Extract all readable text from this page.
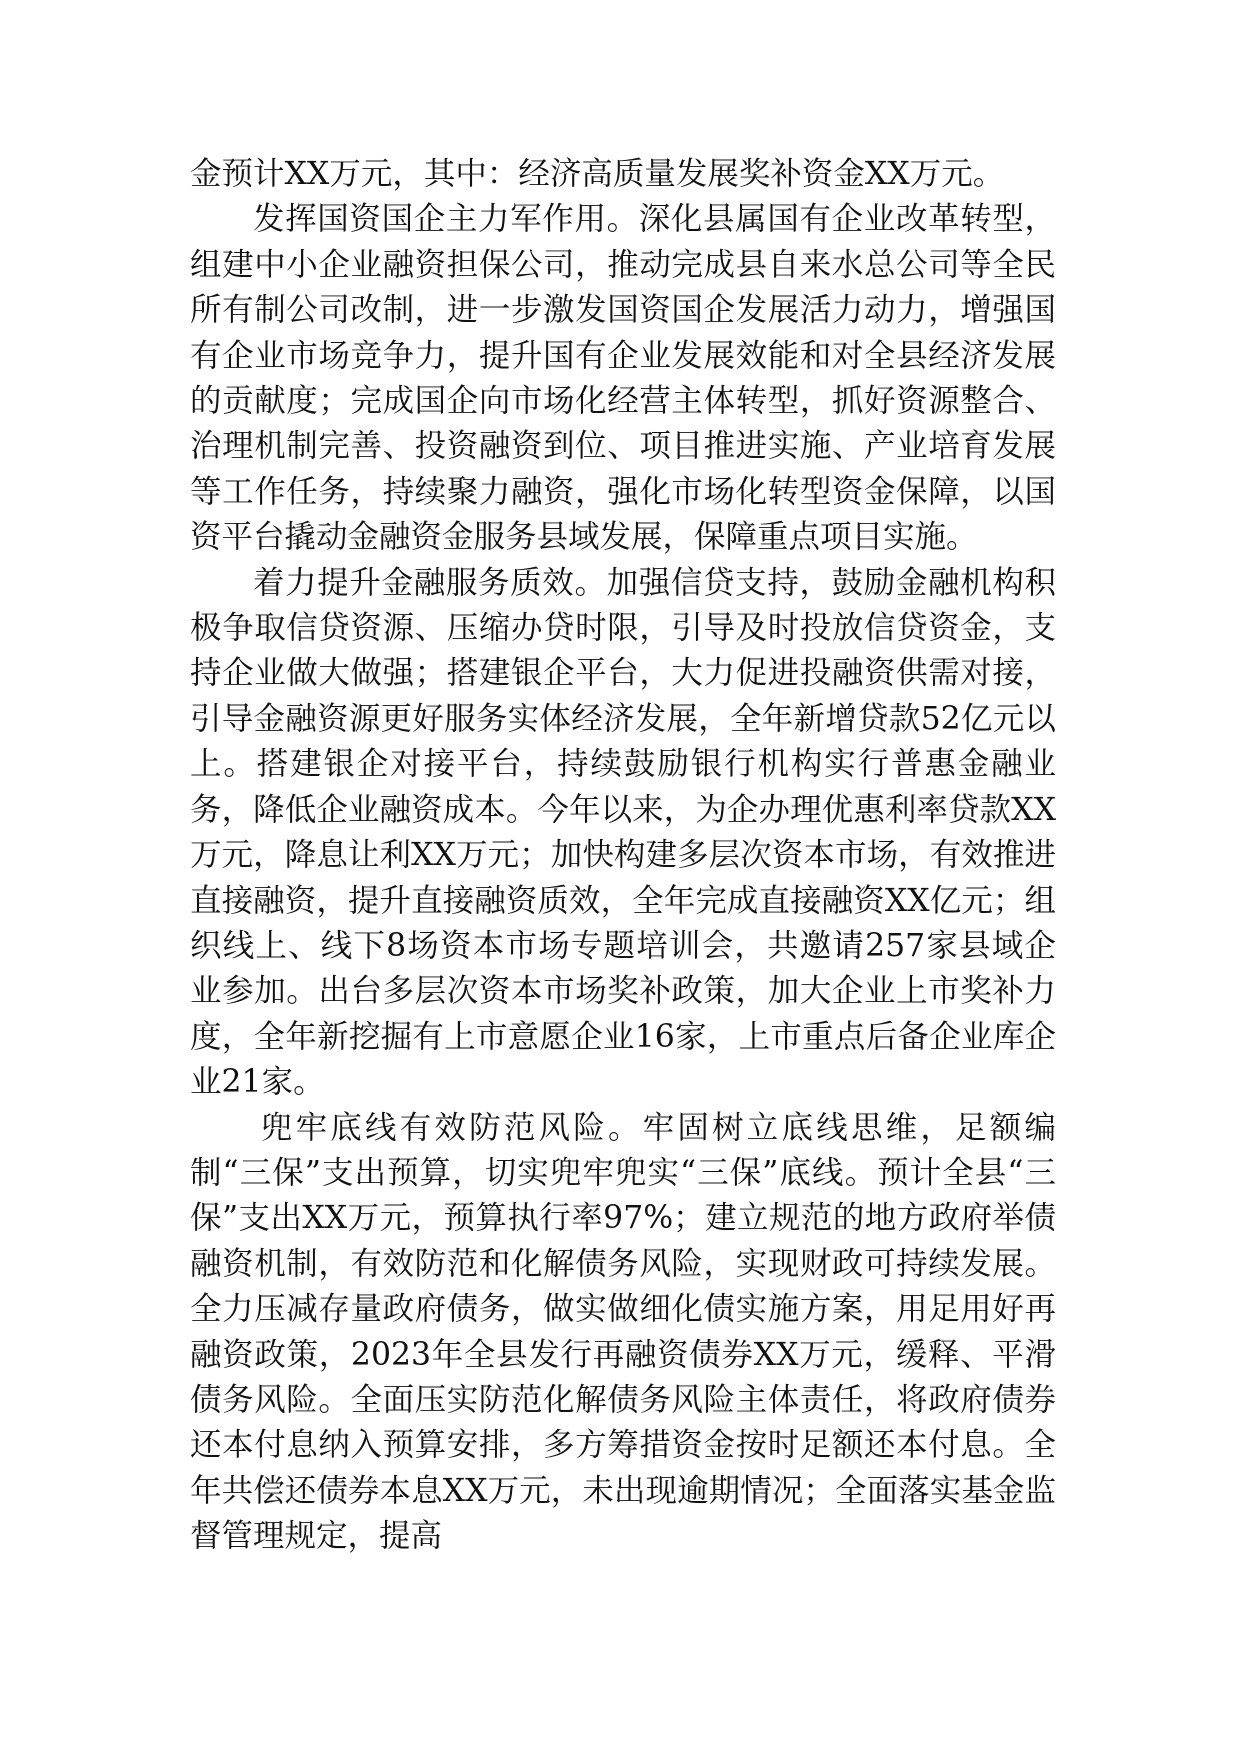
金预计XX万元，其中：经济高质量发展奖补资金XX万元。

发挥国资国企主力军作用。深化县属国有企业改革转型，组建中小企业融资担保公司，推动完成县自来水总公司等全民所有制公司改制，进一步激发国资国企发展活力动力，增强国有企业市场竞争力，提升国有企业发展效能和对全县经济发展的贡献度；完成国企向市场化经营主体转型，抓好资源整合、治理机制完善、投资融资到位、项目推进实施、产业培育发展等工作任务，持续聚力融资，强化市场化转型资金保障，以国资平台撬动金融资金服务县域发展，保障重点项目实施。

着力提升金融服务质效。加强信贷支持，鼓励金融机构积极争取信贷资源、压缩办贷时限，引导及时投放信贷资金，支持企业做大做强；搭建银企平台，大力促进投融资供需对接，引导金融资源更好服务实体经济发展，全年新增贷款52亿元以上。搭建银企对接平台，持续鼓励银行机构实行普惠金融业务，降低企业融资成本。今年以来，为企办理优惠利率贷款XX万元，降息让利XX万元；加快构建多层次资本市场，有效推进直接融资，提升直接融资质效，全年完成直接融资XX亿元；组织线上、线下8场资本市场专题培训会，共邀请257家县域企业参加。出台多层次资本市场奖补政策，加大企业上市奖补力度，全年新挖掘有上市意愿企业16家，上市重点后备企业库企业21家。

兜牢底线有效防范风险。牢固树立底线思维，足额编制“三保”支出预算，切实兜牢兜实“三保”底线。预计全县“三保”支出XX万元，预算执行率97%；建立规范的地方政府举债融资机制，有效防范和化解债务风险，实现财政可持续发展。全力压减存量政府债务，做实做细化债实施方案，用足用好再融资政策，2023年全县发行再融资债券XX万元，缓释、平滑债务风险。全面压实防范化解债务风险主体责任，将政府债券还本付息纳入预算安排，多方筹措资金按时足额还本付息。全年共偿还债券本息XX万元，未出现逾期情况；全面落实基金监督管理规定，提高
